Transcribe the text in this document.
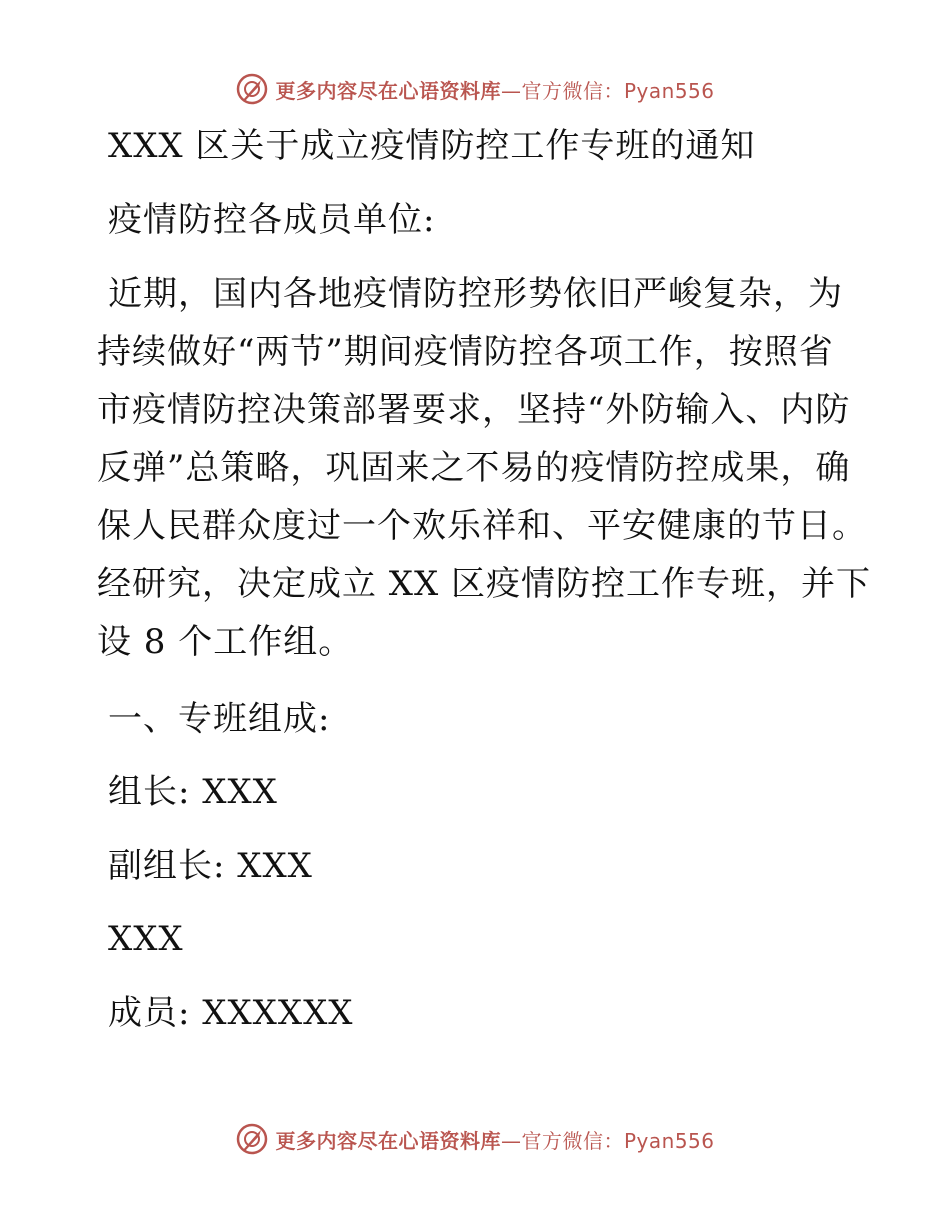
更多内容尽在心语资料库—官方微信：Pyan556
XXX 区关于成立疫情防控工作专班的通知
疫情防控各成员单位:
近期，国内各地疫情防控形势依旧严峻复杂，为
持续做好“两节”期间疫情防控各项工作，按照省
市疫情防控决策部署要求，坚持“外防输入、内防
反弹”总策略，巩固来之不易的疫情防控成果，确
保人民群众度过一个欢乐祥和、平安健康的节日。
经研究，决定成立 XX 区疫情防控工作专班，并下
设 8 个工作组。
一、专班组成:
组长: XXX
副组长: XXX
XXX
成员: XXXXXX
更多内容尽在心语资料库—官方微信：Pyan556
